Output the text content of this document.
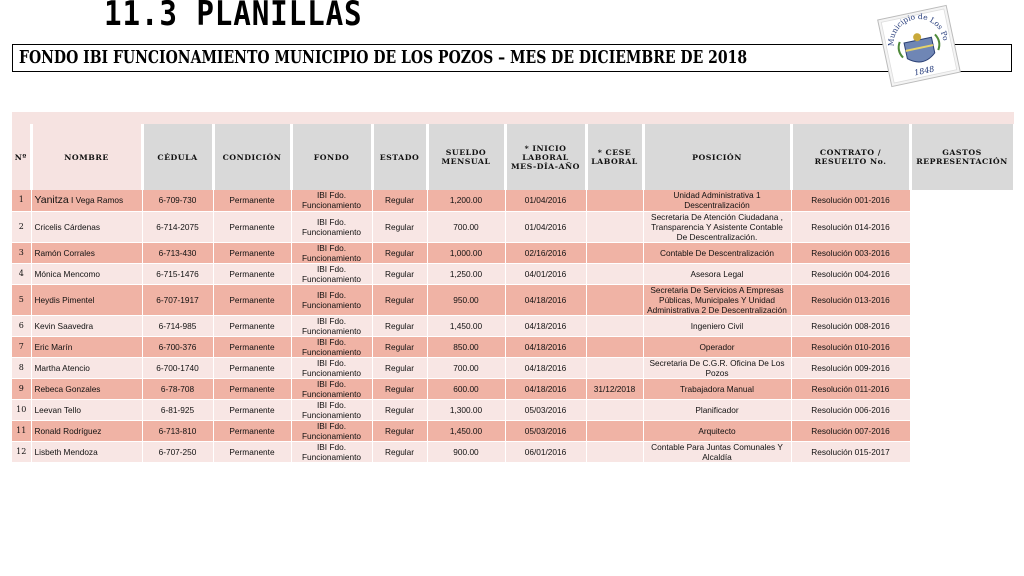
11.3 PLANILLAS
FONDO IBI FUNCIONAMIENTO MUNICIPIO DE LOS POZOS – MES DE DICIEMBRE DE 2018
Municipio de Los Pozos
1848
Nº	NOMBRE	CÉDULA	CONDICIÓN	FONDO	ESTADO	SUELDO MENSUAL	* INICIO LABORAL MES-DÍA-AÑO	* CESE LABORAL	POSICIÓN	CONTRATO / RESUELTO No.	GASTOS REPRESENTACIÓN
1	Yanitza I Vega Ramos	6-709-730	Permanente	IBI Fdo. Funcionamiento	Regular	1,200.00	01/04/2016		Unidad Administrativa 1 Descentralización	Resolución 001-2016	
2	Cricelis Cárdenas	6-714-2075	Permanente	IBI Fdo. Funcionamiento	Regular	700.00	01/04/2016		Secretaria De Atención Ciudadana , Transparencia Y Asistente Contable De Descentralización.	Resolución 014-2016	
3	Ramón Corrales	6-713-430	Permanente	IBI Fdo. Funcionamiento	Regular	1,000.00	02/16/2016		Contable De Descentralización	Resolución 003-2016	
4	Mónica Mencomo	6-715-1476	Permanente	IBI Fdo. Funcionamiento	Regular	1,250.00	04/01/2016		Asesora Legal	Resolución 004-2016	
5	Heydis Pimentel	6-707-1917	Permanente	IBI Fdo. Funcionamiento	Regular	950.00	04/18/2016		Secretaria De Servicios A Empresas Públicas, Municipales Y Unidad Administrativa 2 De Descentralización	Resolución 013-2016	
6	Kevin Saavedra	6-714-985	Permanente	IBI Fdo. Funcionamiento	Regular	1,450.00	04/18/2016		Ingeniero Civil	Resolución 008-2016	
7	Eric Marín	6-700-376	Permanente	IBI Fdo. Funcionamiento	Regular	850.00	04/18/2016		Operador	Resolución 010-2016	
8	Martha Atencio	6-700-1740	Permanente	IBI Fdo. Funcionamiento	Regular	700.00	04/18/2016		Secretaria De C.G.R. Oficina De Los Pozos	Resolución 009-2016	
9	Rebeca Gonzales	6-78-708	Permanente	IBI Fdo. Funcionamiento	Regular	600.00	04/18/2016	31/12/2018	Trabajadora Manual	Resolución 011-2016	
10	Leevan Tello	6-81-925	Permanente	IBI Fdo. Funcionamiento	Regular	1,300.00	05/03/2016		Planificador	Resolución 006-2016	
11	Ronald Rodríguez	6-713-810	Permanente	IBI Fdo. Funcionamiento	Regular	1,450.00	05/03/2016		Arquitecto	Resolución 007-2016	
12	Lisbeth Mendoza	6-707-250	Permanente	IBI Fdo. Funcionamiento	Regular	900.00	06/01/2016		Contable Para Juntas Comunales Y Alcaldía	Resolución 015-2017	
